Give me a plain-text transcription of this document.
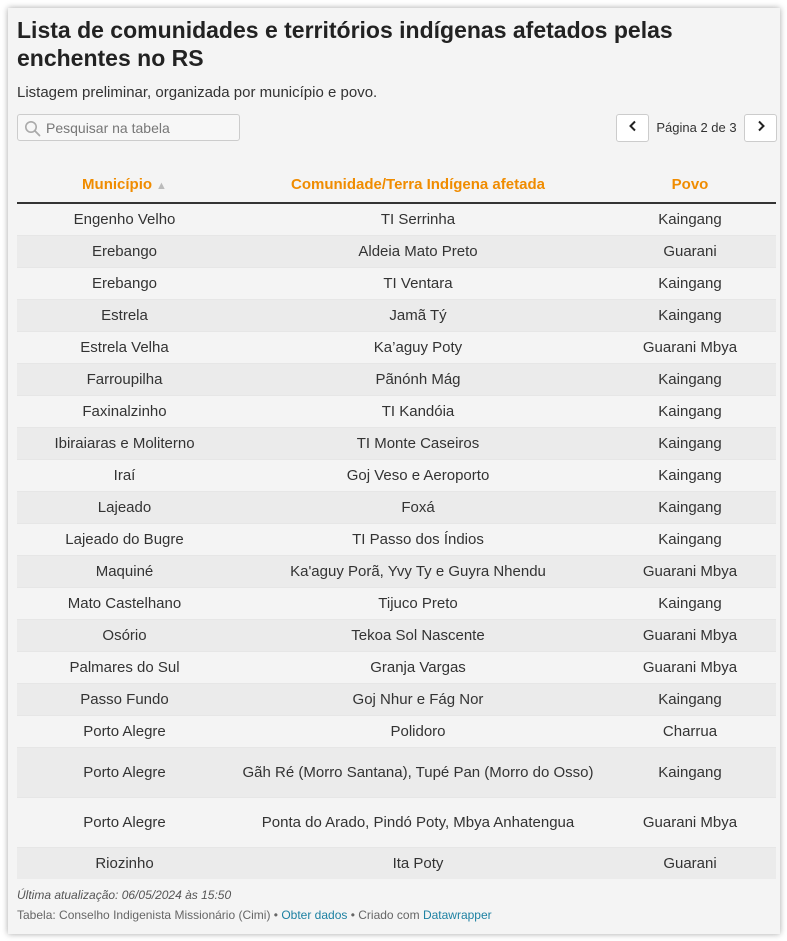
Lista de comunidades e territórios indígenas afetados pelas enchentes no RS
Listagem preliminar, organizada por município e povo.
Pesquisar na tabela
Página 2 de 3
Município ▲	Comunidade/Terra Indígena afetada	Povo
Engenho Velho	TI Serrinha	Kaingang
Erebango	Aldeia Mato Preto	Guarani
Erebango	TI Ventara	Kaingang
Estrela	Jamã Tý	Kaingang
Estrela Velha	Ka’aguy Poty	Guarani Mbya
Farroupilha	Pãnónh Mág	Kaingang
Faxinalzinho	TI Kandóia	Kaingang
Ibiraiaras e Moliterno	TI Monte Caseiros	Kaingang
Iraí	Goj Veso e Aeroporto	Kaingang
Lajeado	Foxá	Kaingang
Lajeado do Bugre	TI Passo dos Índios	Kaingang
Maquiné	Ka'aguy Porã, Yvy Ty e Guyra Nhendu	Guarani Mbya
Mato Castelhano	Tijuco Preto	Kaingang
Osório	Tekoa Sol Nascente	Guarani Mbya
Palmares do Sul	Granja Vargas	Guarani Mbya
Passo Fundo	Goj Nhur e Fág Nor	Kaingang
Porto Alegre	Polidoro	Charrua
Porto Alegre	Gãh Ré (Morro Santana), Tupé Pan (Morro do Osso)	Kaingang
Porto Alegre	Ponta do Arado, Pindó Poty, Mbya Anhatengua	Guarani Mbya
Riozinho	Ita Poty	Guarani
Última atualização: 06/05/2024 às 15:50
Tabela: Conselho Indigenista Missionário (Cimi) • Obter dados • Criado com Datawrapper
